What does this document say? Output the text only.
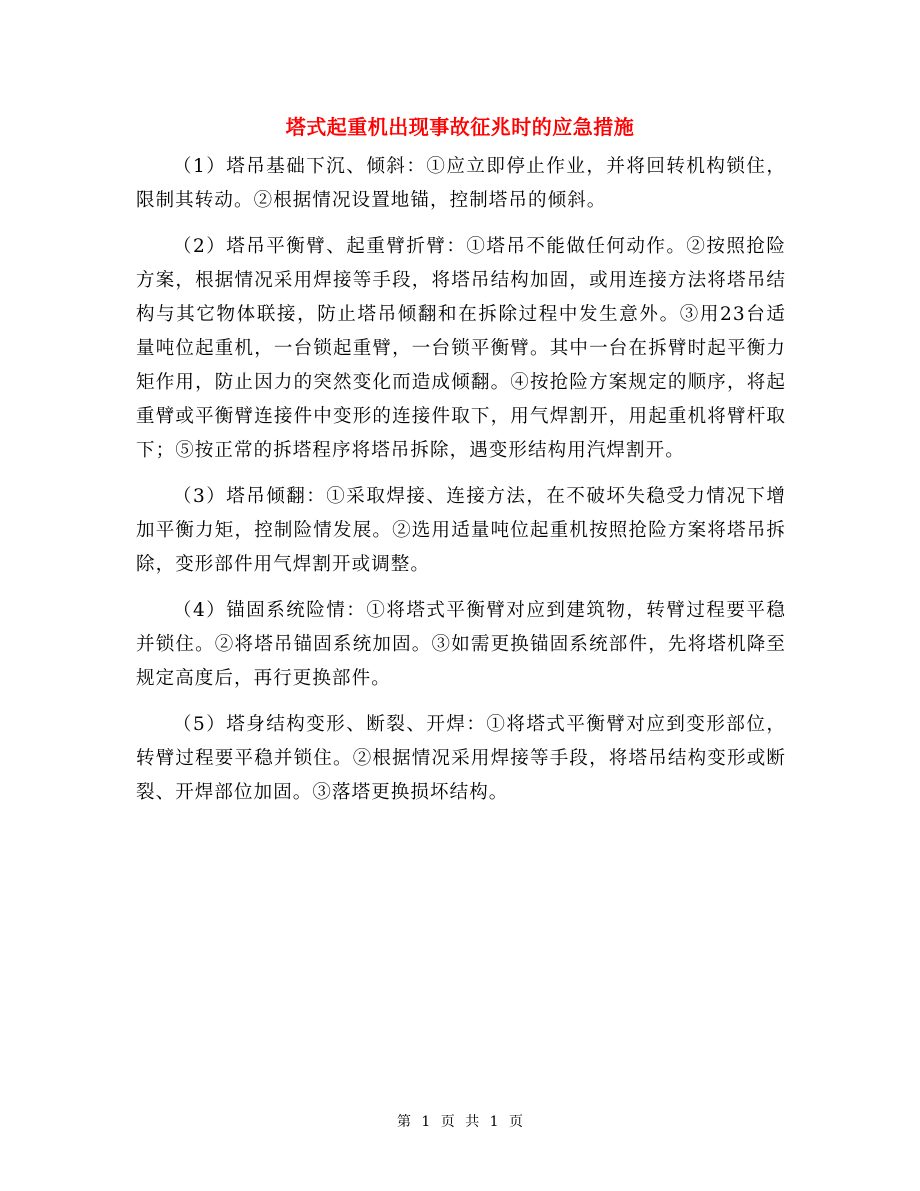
塔式起重机出现事故征兆时的应急措施

（1）塔吊基础下沉、倾斜：①应立即停止作业，并将回转机构锁住，限制其转动。②根据情况设置地锚，控制塔吊的倾斜。

（2）塔吊平衡臂、起重臂折臂：①塔吊不能做任何动作。②按照抢险方案，根据情况采用焊接等手段，将塔吊结构加固，或用连接方法将塔吊结构与其它物体联接，防止塔吊倾翻和在拆除过程中发生意外。③用23台适量吨位起重机，一台锁起重臂，一台锁平衡臂。其中一台在拆臂时起平衡力矩作用，防止因力的突然变化而造成倾翻。④按抢险方案规定的顺序，将起重臂或平衡臂连接件中变形的连接件取下，用气焊割开，用起重机将臂杆取下；⑤按正常的拆塔程序将塔吊拆除，遇变形结构用汽焊割开。

（3）塔吊倾翻：①采取焊接、连接方法，在不破坏失稳受力情况下增加平衡力矩，控制险情发展。②选用适量吨位起重机按照抢险方案将塔吊拆除，变形部件用气焊割开或调整。

（4）锚固系统险情：①将塔式平衡臂对应到建筑物，转臂过程要平稳并锁住。②将塔吊锚固系统加固。③如需更换锚固系统部件，先将塔机降至规定高度后，再行更换部件。

（5）塔身结构变形、断裂、开焊：①将塔式平衡臂对应到变形部位，转臂过程要平稳并锁住。②根据情况采用焊接等手段，将塔吊结构变形或断裂、开焊部位加固。③落塔更换损坏结构。

第 1 页 共 1 页
